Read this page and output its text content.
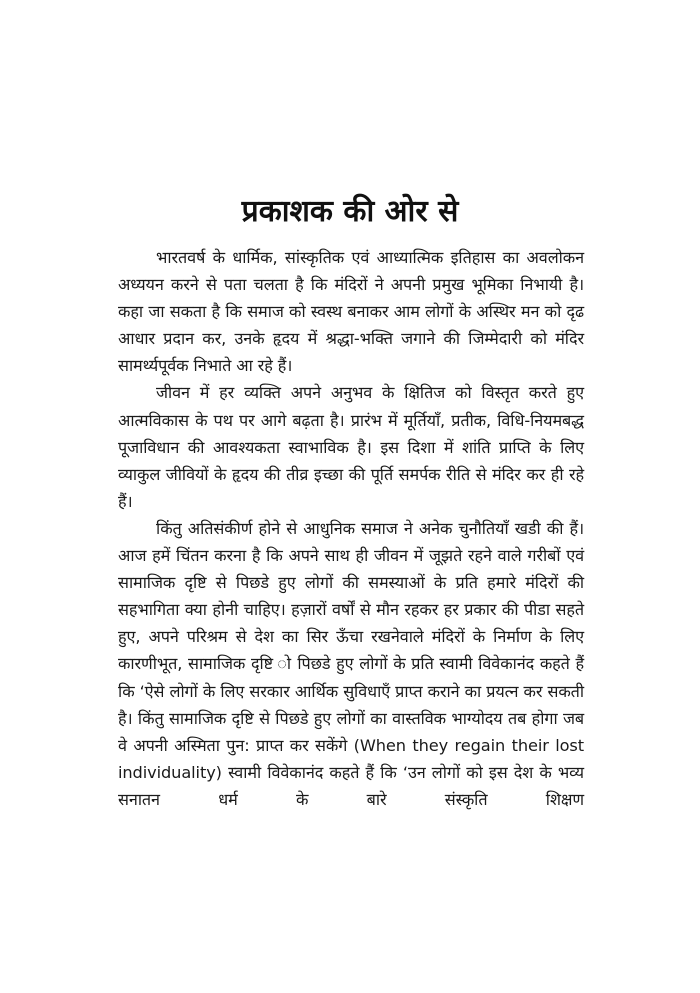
प्रकाशक की ओर से

भारतवर्ष के धार्मिक, सांस्कृतिक एवं आध्यात्मिक इतिहास का अवलोकन अध्ययन करने से पता चलता है कि मंदिरों ने अपनी प्रमुख भूमिका निभायी है। कहा जा सकता है कि समाज को स्वस्थ बनाकर आम लोगों के अस्थिर मन को दृढ आधार प्रदान कर, उनके हृदय में श्रद्धा-भक्ति जगाने की जिम्मेदारी को मंदिर सामर्थ्यपूर्वक निभाते आ रहे हैं।

जीवन में हर व्यक्ति अपने अनुभव के क्षितिज को विस्तृत करते हुए आत्मविकास के पथ पर आगे बढ़ता है। प्रारंभ में मूर्तियाँ, प्रतीक, विधि-नियमबद्ध पूजाविधान की आवश्यकता स्वाभाविक है। इस दिशा में शांति प्राप्ति के लिए व्याकुल जीवियों के हृदय की तीव्र इच्छा की पूर्ति समर्पक रीति से मंदिर कर ही रहे हैं।

किंतु अतिसंकीर्ण होने से आधुनिक समाज ने अनेक चुनौतियाँ खडी की हैं। आज हमें चिंतन करना है कि अपने साथ ही जीवन में जूझते रहने वाले गरीबों एवं सामाजिक दृष्टि से पिछडे हुए लोगों की समस्याओं के प्रति हमारे मंदिरों की सहभागिता क्या होनी चाहिए। हज़ारों वर्षों से मौन रहकर हर प्रकार की पीडा सहते हुए, अपने परिश्रम से देश का सिर ऊँचा रखनेवाले मंदिरों के निर्माण के लिए कारणीभूत, सामाजिक दृष्टि ो पिछडे हुए लोगों के प्रति स्वामी विवेकानंद कहते हैं कि ‘ऐसे लोगों के लिए सरकार आर्थिक सुविधाएँ प्राप्त कराने का प्रयत्न कर सकती है। किंतु सामाजिक दृष्टि से पिछडे हुए लोगों का वास्तविक भाग्योदय तब होगा जब वे अपनी अस्मिता पुन: प्राप्त कर सकेंगे (When they regain their lost individuality) स्वामी विवेकानंद कहते हैं कि ‘उन लोगों को इस देश के भव्य सनातन धर्म के बारे संस्कृति शिक्षण
